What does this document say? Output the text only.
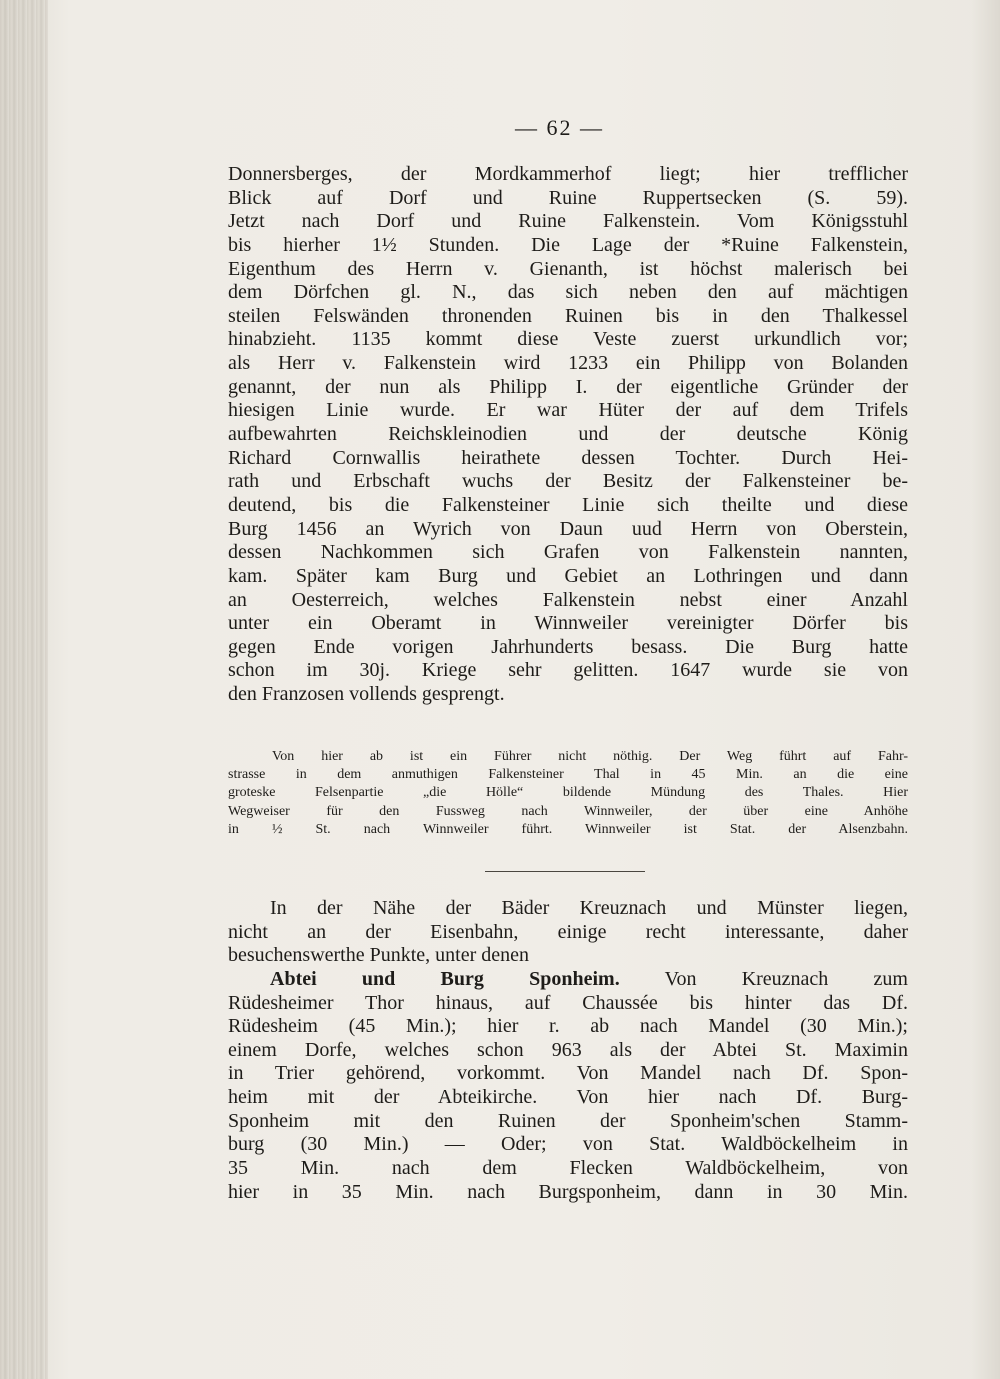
— 62 —
Donnersberges, der Mordkammerhof liegt; hier trefflicher
Blick auf Dorf und Ruine Ruppertsecken (S. 59).
Jetzt nach Dorf und Ruine Falkenstein. Vom Königsstuhl
bis hierher 1½ Stunden. Die Lage der *Ruine Falkenstein,
Eigenthum des Herrn v. Gienanth, ist höchst malerisch bei
dem Dörfchen gl. N., das sich neben den auf mächtigen
steilen Felswänden thronenden Ruinen bis in den Thalkessel
hinabzieht. 1135 kommt diese Veste zuerst urkundlich vor;
als Herr v. Falkenstein wird 1233 ein Philipp von Bolanden
genannt, der nun als Philipp I. der eigentliche Gründer der
hiesigen Linie wurde. Er war Hüter der auf dem Trifels
aufbewahrten Reichskleinodien und der deutsche König
Richard Cornwallis heirathete dessen Tochter. Durch Hei-
rath und Erbschaft wuchs der Besitz der Falkensteiner be-
deutend, bis die Falkensteiner Linie sich theilte und diese
Burg 1456 an Wyrich von Daun uud Herrn von Oberstein,
dessen Nachkommen sich Grafen von Falkenstein nannten,
kam. Später kam Burg und Gebiet an Lothringen und dann
an Oesterreich, welches Falkenstein nebst einer Anzahl
unter ein Oberamt in Winnweiler vereinigter Dörfer bis
gegen Ende vorigen Jahrhunderts besass. Die Burg hatte
schon im 30j. Kriege sehr gelitten. 1647 wurde sie von
den Franzosen vollends gesprengt.
Von hier ab ist ein Führer nicht nöthig. Der Weg führt auf Fahr-
strasse in dem anmuthigen Falkensteiner Thal in 45 Min. an die eine
groteske Felsenpartie „die Hölle“ bildende Mündung des Thales. Hier
Wegweiser für den Fussweg nach Winnweiler, der über eine Anhöhe
in ½ St. nach Winnweiler führt. Winnweiler ist Stat. der Alsenzbahn.
In der Nähe der Bäder Kreuznach und Münster liegen,
nicht an der Eisenbahn, einige recht interessante, daher
besuchenswerthe Punkte, unter denen
Abtei und Burg Sponheim. Von Kreuznach zum
Rüdesheimer Thor hinaus, auf Chaussée bis hinter das Df.
Rüdesheim (45 Min.); hier r. ab nach Mandel (30 Min.);
einem Dorfe, welches schon 963 als der Abtei St. Maximin
in Trier gehörend, vorkommt. Von Mandel nach Df. Spon-
heim mit der Abteikirche. Von hier nach Df. Burg-
Sponheim mit den Ruinen der Sponheim'schen Stamm-
burg (30 Min.) — Oder; von Stat. Waldböckelheim in
35 Min. nach dem Flecken Waldböckelheim, von
hier in 35 Min. nach Burgsponheim, dann in 30 Min.
